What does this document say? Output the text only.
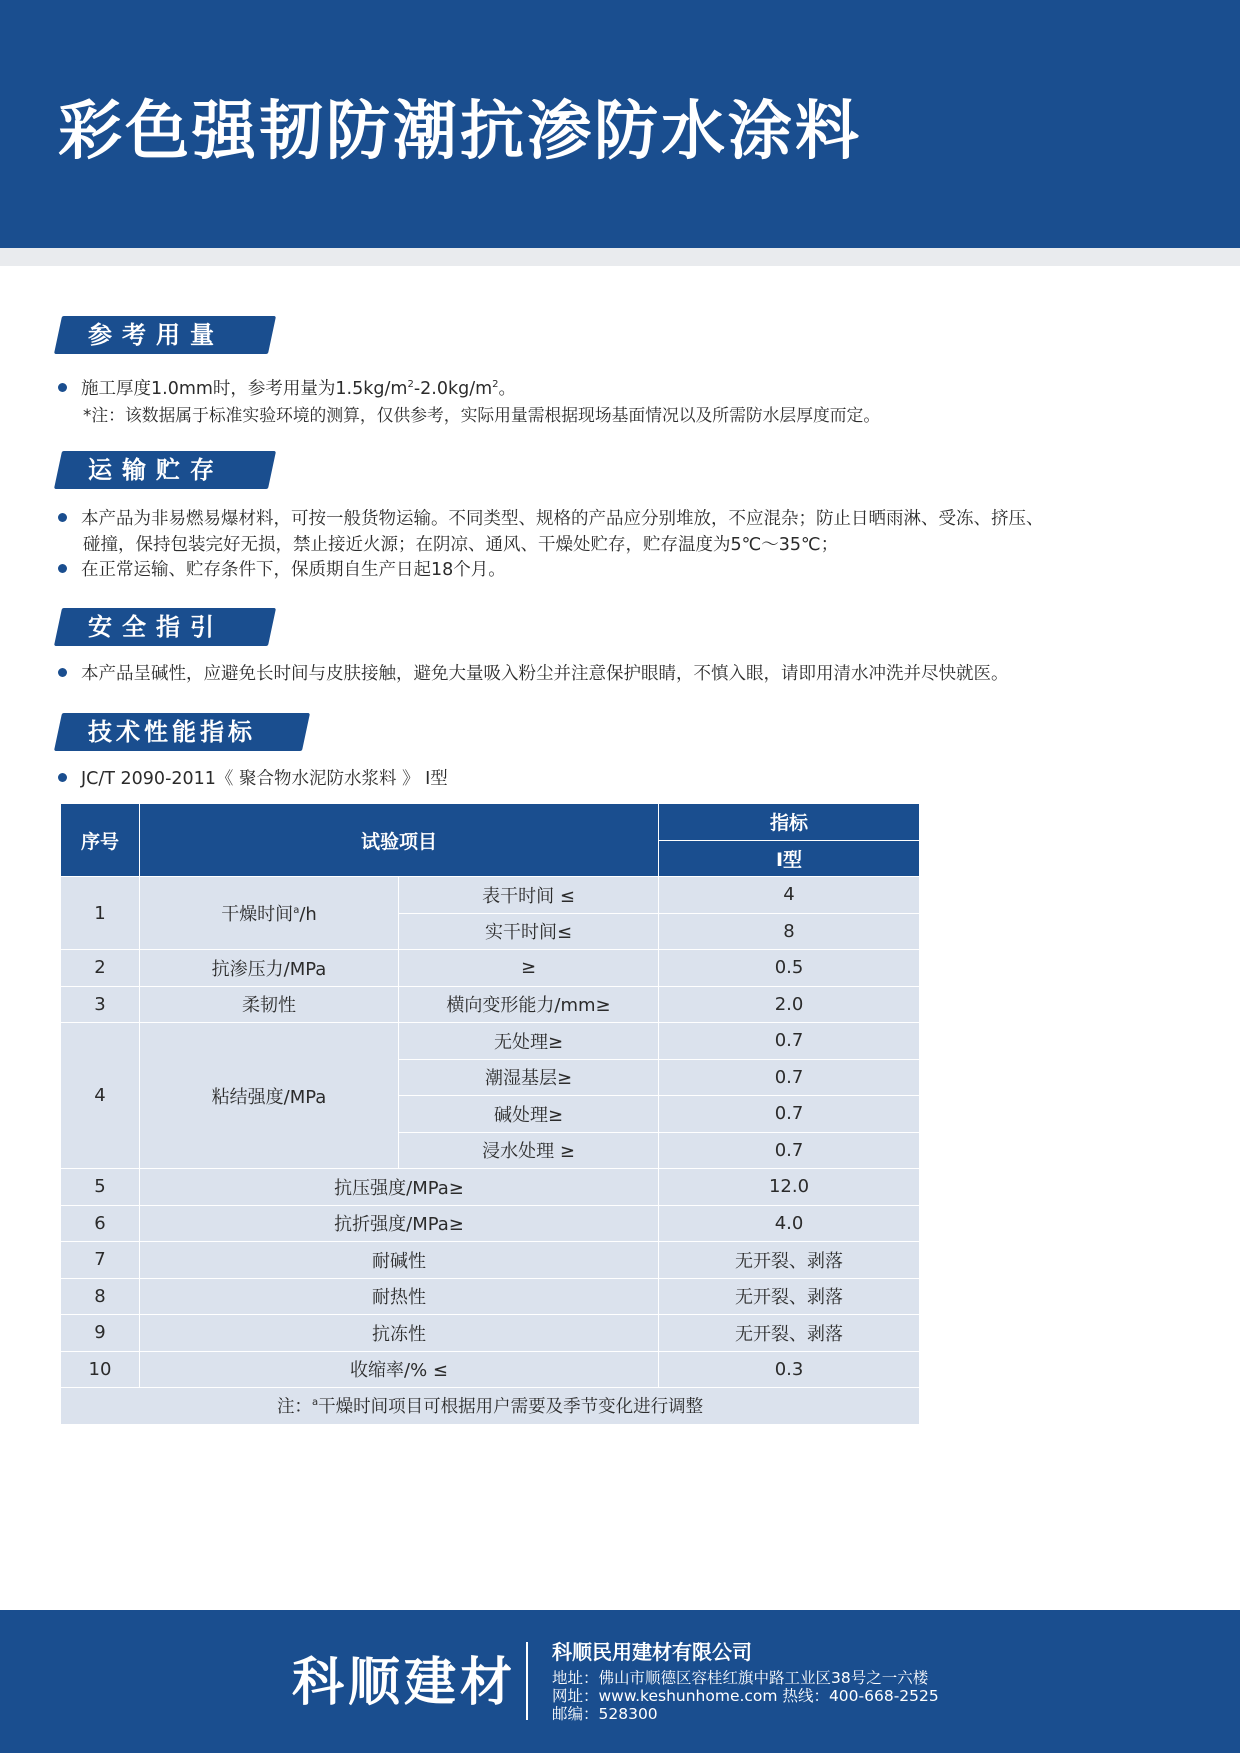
彩色强韧防潮抗渗防水涂料
参考用量
施工厚度1.0mm时，参考用量为$1.5kg/m^2-2.0kg/m^2$。
*注：该数据属于标准实验环境的测算，仅供参考，实际用量需根据现场基面情况以及所需防水层厚度而定。
运输贮存
本产品为非易燃易爆材料，可按一般货物运输。不同类型、规格的产品应分别堆放，不应混杂；防止日晒雨淋、受冻、挤压、
碰撞，保持包装完好无损，禁止接近火源；在阴凉、通风、干燥处贮存，贮存温度为5℃～35℃；
在正常运输、贮存条件下，保质期自生产日起18个月。
安全指引
本产品呈碱性，应避免长时间与皮肤接触，避免大量吸入粉尘并注意保护眼睛，不慎入眼，请即用清水冲洗并尽快就医。
技术性能指标
JC/T 2090-2011《 聚合物水泥防水浆料 》 I型
序号	试验项目		指标
			I型
1	干燥时间$^a$/h	表干时间 ≤	4
		实干时间≤	8
2	抗渗压力/MPa	≥	0.5
3	柔韧性	横向变形能力/mm≥	2.0
4	粘结强度/MPa	无处理≥	0.7
		潮湿基层≥	0.7
		碱处理≥	0.7
		浸水处理 ≥	0.7
5	抗压强度/MPa≥		12.0
6	抗折强度/MPa≥		4.0
7	耐碱性		无开裂、剥落
8	耐热性		无开裂、剥落
9	抗冻性		无开裂、剥落
10	收缩率/% ≤		0.3
注：$^a$干燥时间项目可根据用户需要及季节变化进行调整			
科顺建材
科顺民用建材有限公司
地址：佛山市顺德区容桂红旗中路工业区38号之一六楼
网址：www.keshunhome.com 热线：400-668-2525
邮编：528300
